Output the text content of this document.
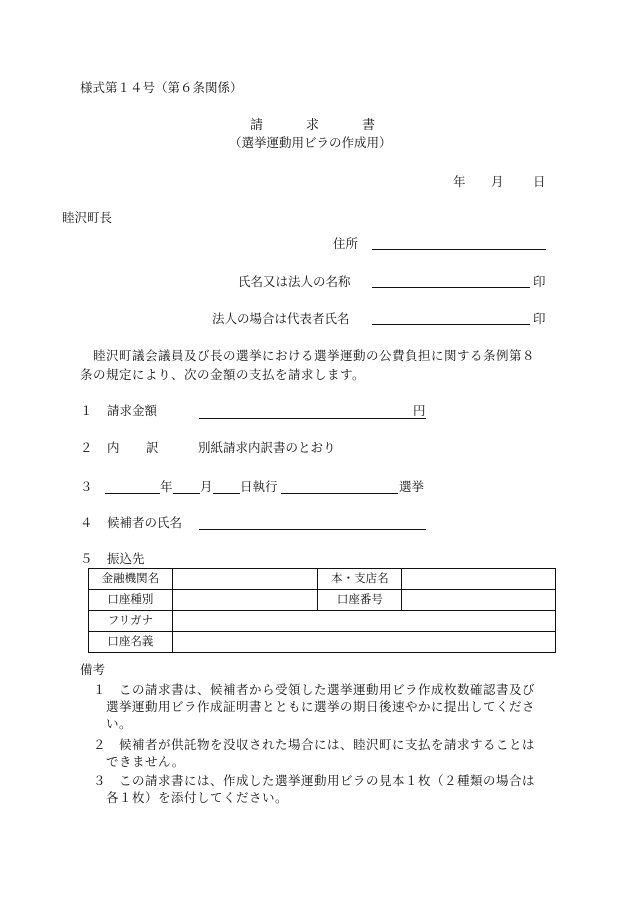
様式第１４号（第６条関係）
請	求	書
（選挙運動用ビラの作成用）
年 月 日
睦沢町長
住所
氏名又は法人の名称	印
法人の場合は代表者氏名	印
睦沢町議会議員及び長の選挙における選挙運動の公費負担に関する条例第８
条の規定により、次の金額の支払を請求します。
１ 請求金額	円
２ 内 訳	別紙請求内訳書のとおり
３	年 月 日執行	選挙
４ 候補者の氏名
５ 振込先
金融機関名		本・支店名	
口座種別		口座番号	
フリガナ			
口座名義			
備考
１ この請求書は、候補者から受領した選挙運動用ビラ作成枚数確認書及び
選挙運動用ビラ作成証明書とともに選挙の期日後速やかに提出してくださ
い。
２ 候補者が供託物を没収された場合には、睦沢町に支払を請求することは
できません。
３ この請求書には、作成した選挙運動用ビラの見本１枚（２種類の場合は
各１枚）を添付してください。
